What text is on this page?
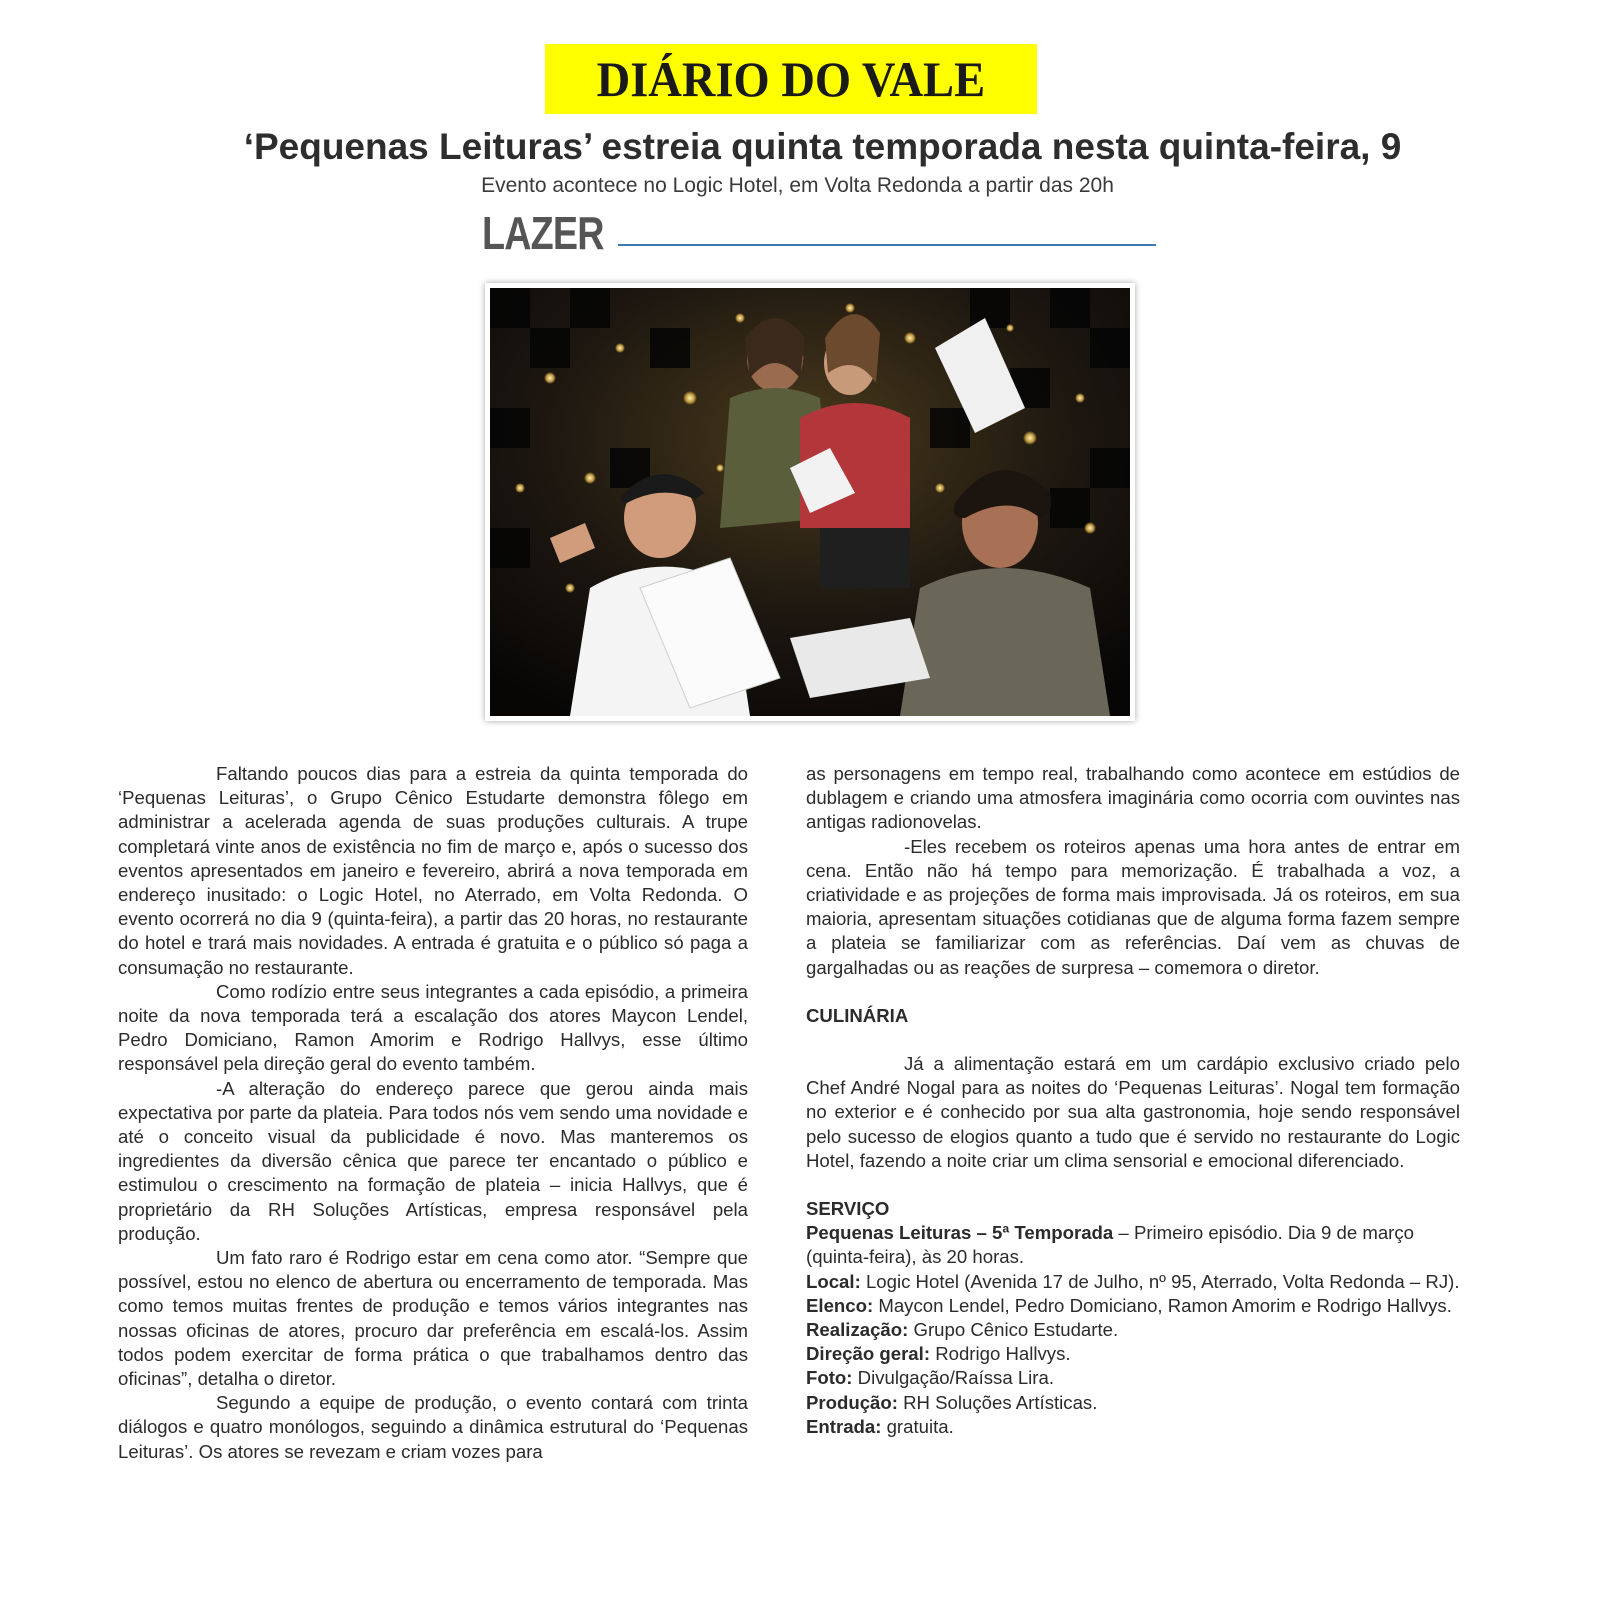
DIÁRIO DO VALE
‘Pequenas Leituras’ estreia quinta temporada nesta quinta-feira, 9
Evento acontece no Logic Hotel, em Volta Redonda a partir das 20h
LAZER

Faltando poucos dias para a estreia da quinta temporada do ‘Pequenas Leituras’, o Grupo Cênico Estudarte demonstra fôlego em administrar a acelerada agenda de suas produções culturais. A trupe completará vinte anos de existência no fim de março e, após o sucesso dos eventos apresentados em janeiro e fevereiro, abrirá a nova temporada em endereço inusitado: o Logic Hotel, no Aterrado, em Volta Redonda. O evento ocorrerá no dia 9 (quinta-feira), a partir das 20 horas, no restaurante do hotel e trará mais novidades. A entrada é gratuita e o público só paga a consumação no restaurante.

Como rodízio entre seus integrantes a cada episódio, a primeira noite da nova temporada terá a escalação dos atores Maycon Lendel, Pedro Domiciano, Ramon Amorim e Rodrigo Hallvys, esse último responsável pela direção geral do evento também.

-A alteração do endereço parece que gerou ainda mais expectativa por parte da plateia. Para todos nós vem sendo uma novidade e até o conceito visual da publicidade é novo. Mas manteremos os ingredientes da diversão cênica que parece ter encantado o público e estimulou o crescimento na formação de plateia – inicia Hallvys, que é proprietário da RH Soluções Artísticas, empresa responsável pela produção.

Um fato raro é Rodrigo estar em cena como ator. “Sempre que possível, estou no elenco de abertura ou encerramento de temporada. Mas como temos muitas frentes de produção e temos vários integrantes nas nossas oficinas de atores, procuro dar preferência em escalá-los. Assim todos podem exercitar de forma prática o que trabalhamos dentro das oficinas”, detalha o diretor.

Segundo a equipe de produção, o evento contará com trinta diálogos e quatro monólogos, seguindo a dinâmica estrutural do ‘Pequenas Leituras’. Os atores se revezam e criam vozes para

as personagens em tempo real, trabalhando como acontece em estúdios de dublagem e criando uma atmosfera imaginária como ocorria com ouvintes nas antigas radionovelas.

-Eles recebem os roteiros apenas uma hora antes de entrar em cena. Então não há tempo para memorização. É trabalhada a voz, a criatividade e as projeções de forma mais improvisada. Já os roteiros, em sua maioria, apresentam situações cotidianas que de alguma forma fazem sempre a plateia se familiarizar com as referências. Daí vem as chuvas de gargalhadas ou as reações de surpresa – comemora o diretor.

CULINÁRIA

Já a alimentação estará em um cardápio exclusivo criado pelo Chef André Nogal para as noites do ‘Pequenas Leituras’. Nogal tem formação no exterior e é conhecido por sua alta gastronomia, hoje sendo responsável pelo sucesso de elogios quanto a tudo que é servido no restaurante do Logic Hotel, fazendo a noite criar um clima sensorial e emocional diferenciado.

SERVIÇO

Pequenas Leituras – 5ª Temporada – Primeiro episódio. Dia 9 de março (quinta-feira), às 20 horas.

Local: Logic Hotel (Avenida 17 de Julho, nº 95, Aterrado, Volta Redonda – RJ).

Elenco: Maycon Lendel, Pedro Domiciano, Ramon Amorim e Rodrigo Hallvys.

Realização: Grupo Cênico Estudarte.

Direção geral: Rodrigo Hallvys.

Foto: Divulgação/Raíssa Lira.

Produção: RH Soluções Artísticas.

Entrada: gratuita.
